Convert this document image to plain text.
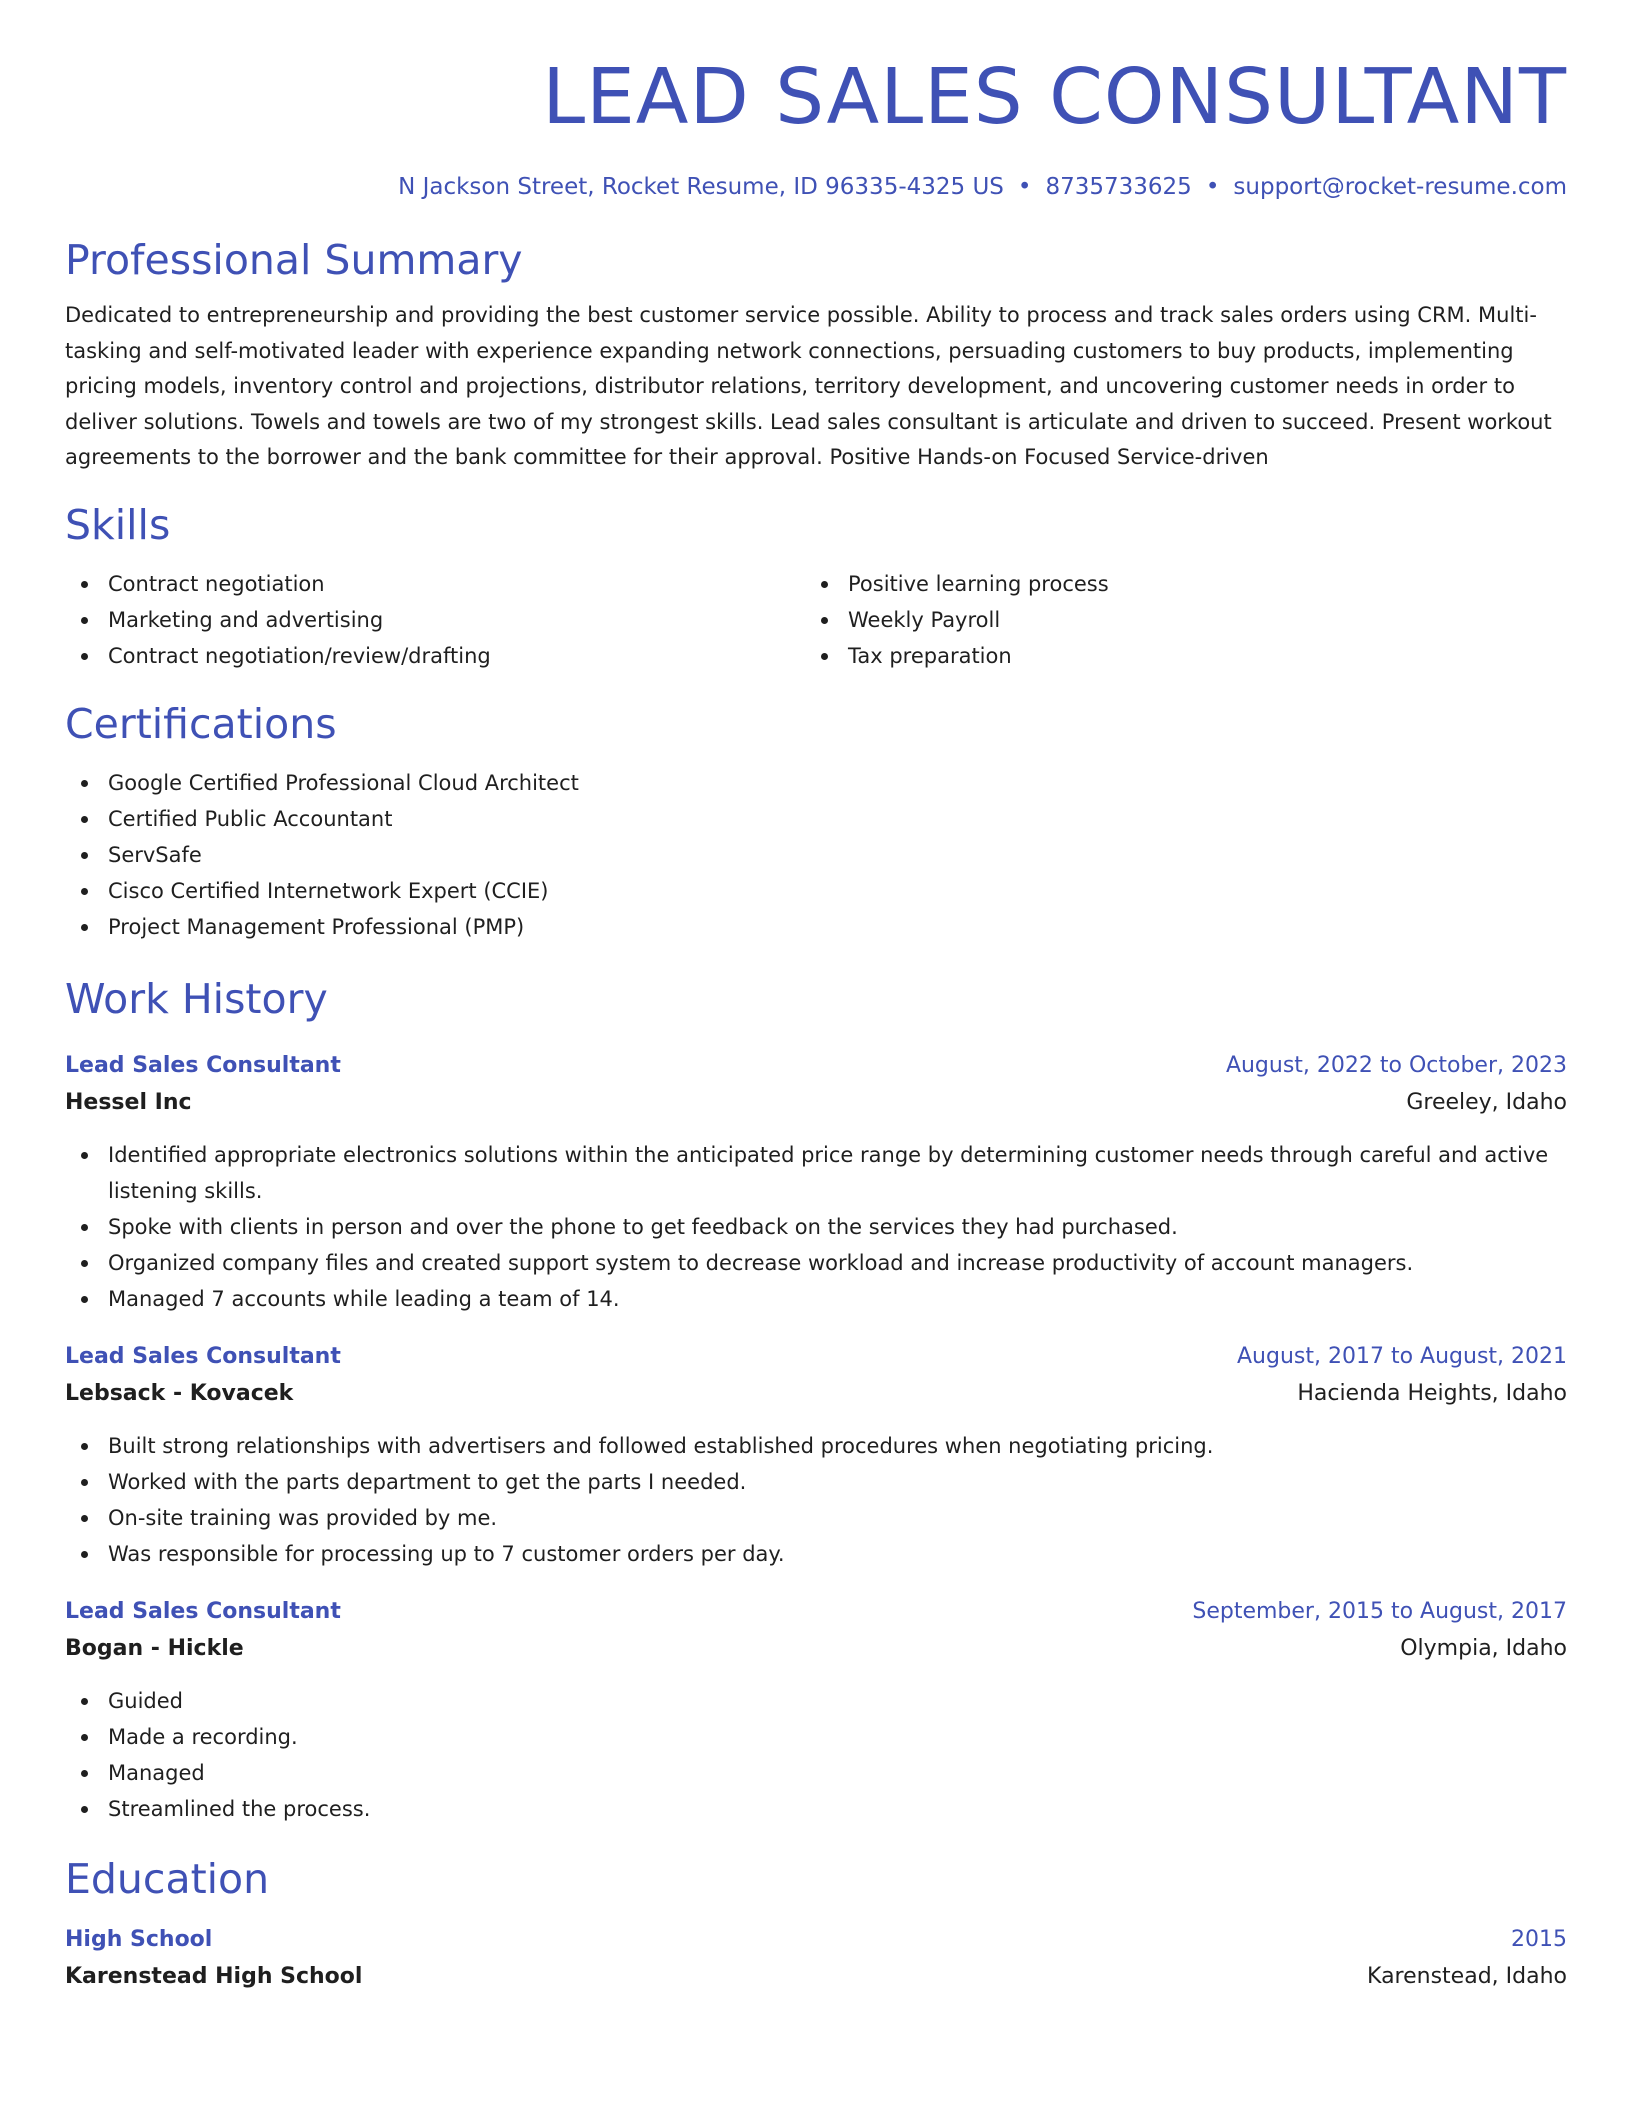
LEAD SALES CONSULTANT
N Jackson Street, Rocket Resume, ID 96335-4325 US • 8735733625 • support@rocket-resume.com
Professional Summary

Dedicated to entrepreneurship and providing the best customer service possible. Ability to process and track sales orders using CRM. Multi-tasking and self-motivated leader with experience expanding network connections, persuading customers to buy products, implementing pricing models, inventory control and projections, distributor relations, territory development, and uncovering customer needs in order to deliver solutions. Towels and towels are two of my strongest skills. Lead sales consultant is articulate and driven to succeed. Present workout agreements to the borrower and the bank committee for their approval. Positive Hands-on Focused Service-driven

Skills
Contract negotiation
Marketing and advertising
Contract negotiation/review/drafting
Positive learning process
Weekly Payroll
Tax preparation
Certifications
Google Certified Professional Cloud Architect
Certified Public Accountant
ServSafe
Cisco Certified Internetwork Expert (CCIE)
Project Management Professional (PMP)
Work History
Lead Sales Consultant	August, 2022 to October, 2023
Hessel Inc	Greeley, Idaho
Identified appropriate electronics solutions within the anticipated price range by determining customer needs through careful and active listening skills.
Spoke with clients in person and over the phone to get feedback on the services they had purchased.
Organized company files and created support system to decrease workload and increase productivity of account managers.
Managed 7 accounts while leading a team of 14.
Lead Sales Consultant	August, 2017 to August, 2021
Lebsack - Kovacek	Hacienda Heights, Idaho
Built strong relationships with advertisers and followed established procedures when negotiating pricing.
Worked with the parts department to get the parts I needed.
On-site training was provided by me.
Was responsible for processing up to 7 customer orders per day.
Lead Sales Consultant	September, 2015 to August, 2017
Bogan - Hickle	Olympia, Idaho
Guided
Made a recording.
Managed
Streamlined the process.
Education
High School	2015
Karenstead High School	Karenstead, Idaho
